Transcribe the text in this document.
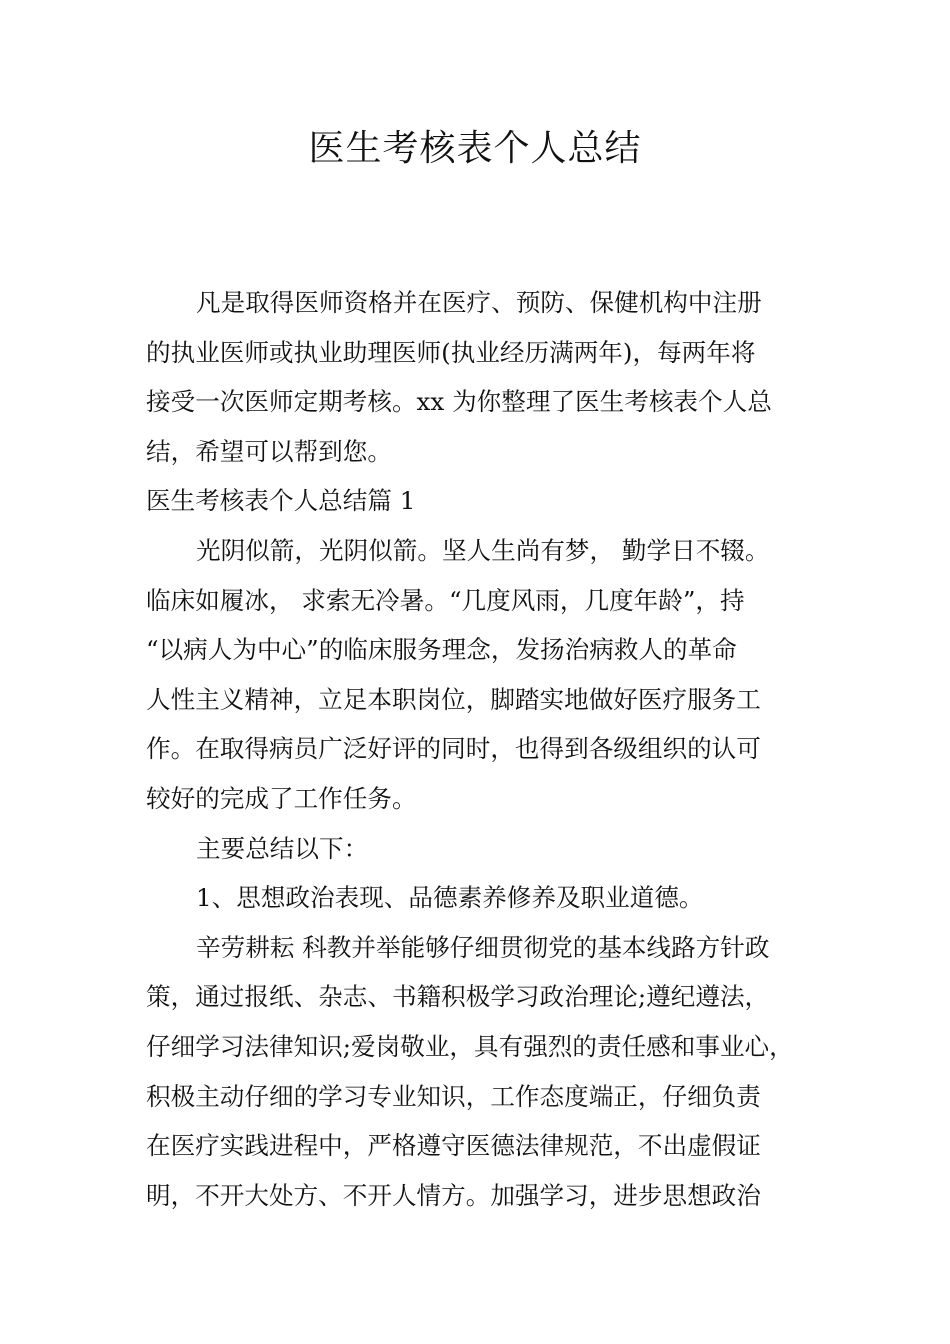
医生考核表个人总结

凡是取得医师资格并在医疗、预防、保健机构中注册
的执业医师或执业助理医师(执业经历满两年)，每两年将
接受一次医师定期考核。xx 为你整理了医生考核表个人总
结，希望可以帮到您。

医生考核表个人总结篇 1

光阴似箭，光阴似箭。坚人生尚有梦， 勤学日不辍。
临床如履冰， 求索无冷暑。“几度风雨，几度年龄”，持
“以病人为中心”的临床服务理念，发扬治病救人的革命
人性主义精神，立足本职岗位，脚踏实地做好医疗服务工
作。在取得病员广泛好评的同时，也得到各级组织的认可
较好的完成了工作任务。

主要总结以下：

1、思想政治表现、品德素养修养及职业道德。

辛劳耕耘 科教并举能够仔细贯彻党的基本线路方针政
策，通过报纸、杂志、书籍积极学习政治理论;遵纪遵法，
仔细学习法律知识;爱岗敬业，具有强烈的责任感和事业心，
积极主动仔细的学习专业知识，工作态度端正，仔细负责
在医疗实践进程中，严格遵守医德法律规范，不出虚假证
明，不开大处方、不开人情方。加强学习，进步思想政治
